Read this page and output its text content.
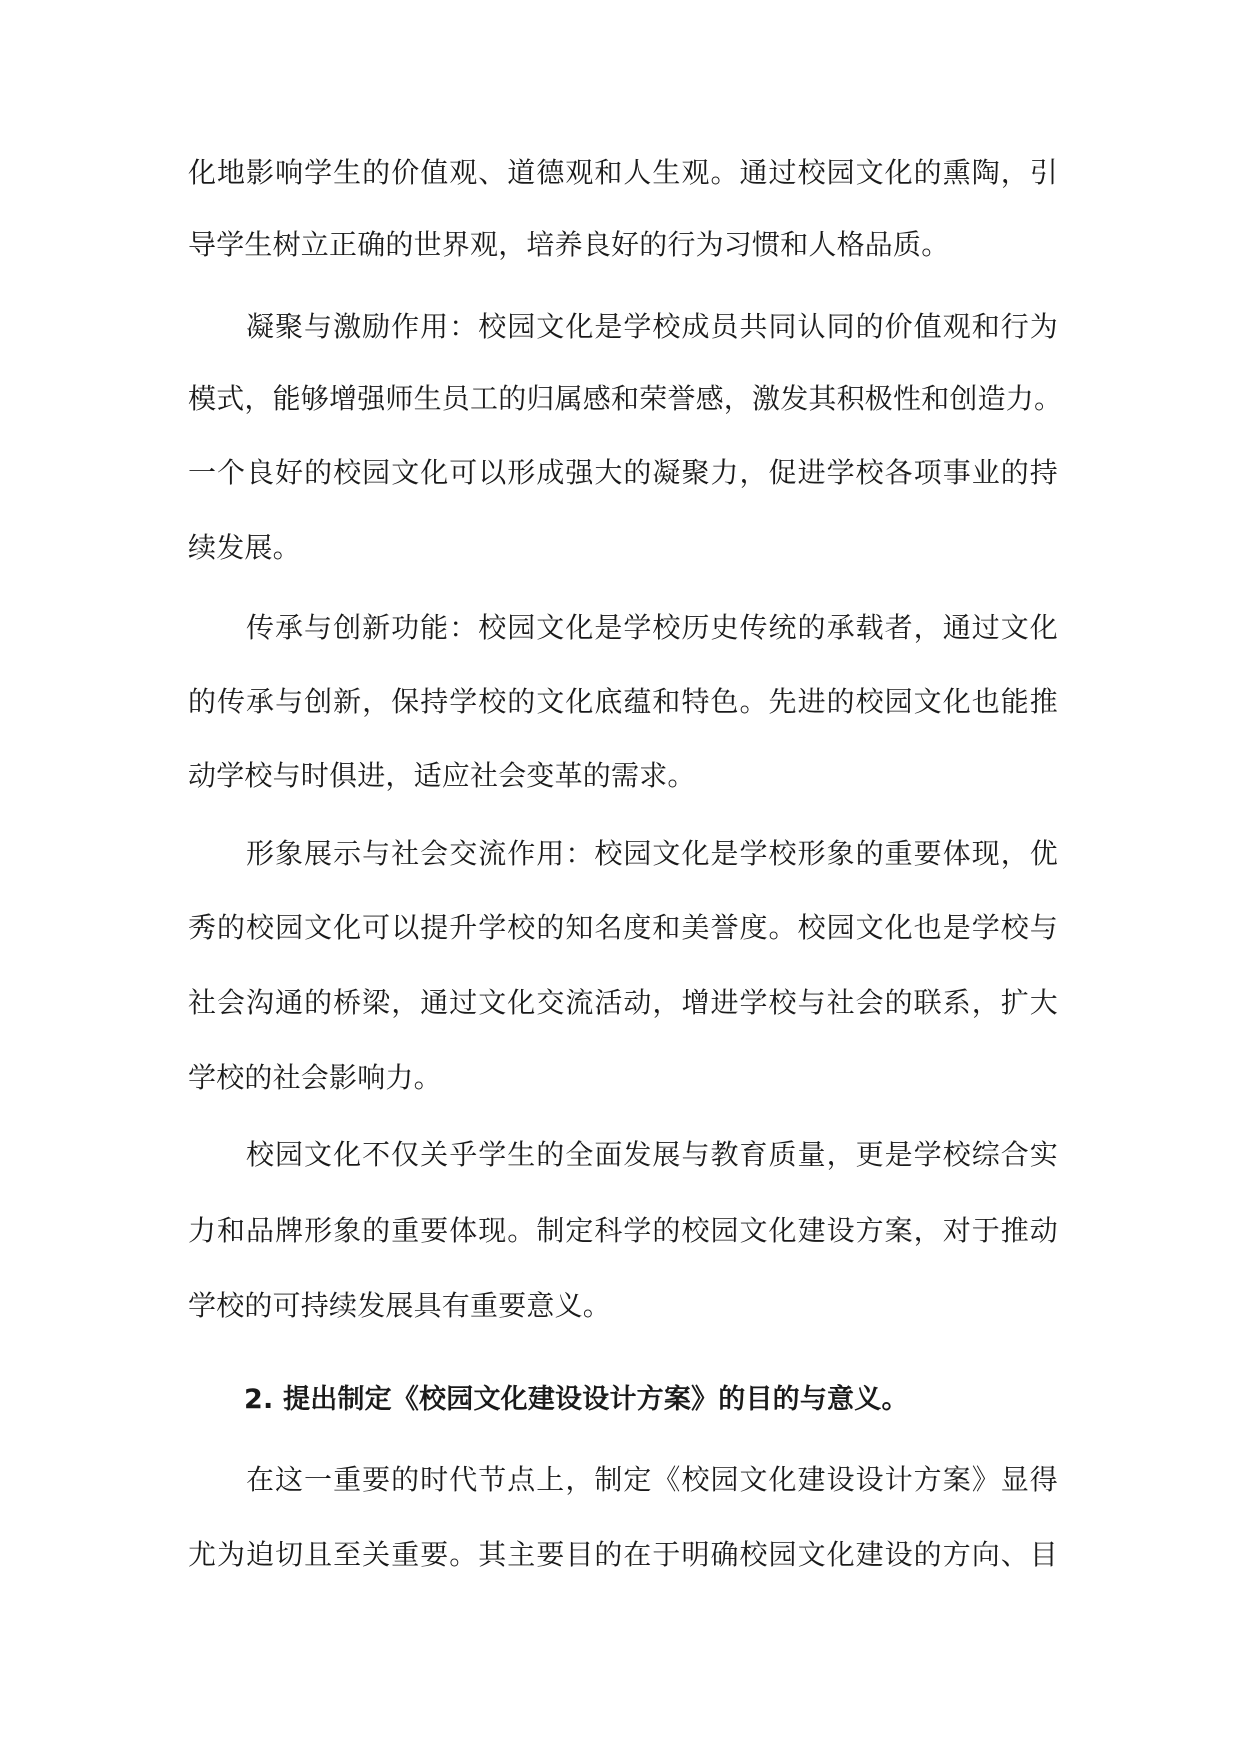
化地影响学生的价值观、道德观和人生观。通过校园文化的熏陶，引
导学生树立正确的世界观，培养良好的行为习惯和人格品质。
凝聚与激励作用：校园文化是学校成员共同认同的价值观和行为
模式，能够增强师生员工的归属感和荣誉感，激发其积极性和创造力。
一个良好的校园文化可以形成强大的凝聚力，促进学校各项事业的持
续发展。
传承与创新功能：校园文化是学校历史传统的承载者，通过文化
的传承与创新，保持学校的文化底蕴和特色。先进的校园文化也能推
动学校与时俱进，适应社会变革的需求。
形象展示与社会交流作用：校园文化是学校形象的重要体现，优
秀的校园文化可以提升学校的知名度和美誉度。校园文化也是学校与
社会沟通的桥梁，通过文化交流活动，增进学校与社会的联系，扩大
学校的社会影响力。
校园文化不仅关乎学生的全面发展与教育质量，更是学校综合实
力和品牌形象的重要体现。制定科学的校园文化建设方案，对于推动
学校的可持续发展具有重要意义。
2. 提出制定《校园文化建设设计方案》的目的与意义。
在这一重要的时代节点上，制定《校园文化建设设计方案》显得
尤为迫切且至关重要。其主要目的在于明确校园文化建设的方向、目
